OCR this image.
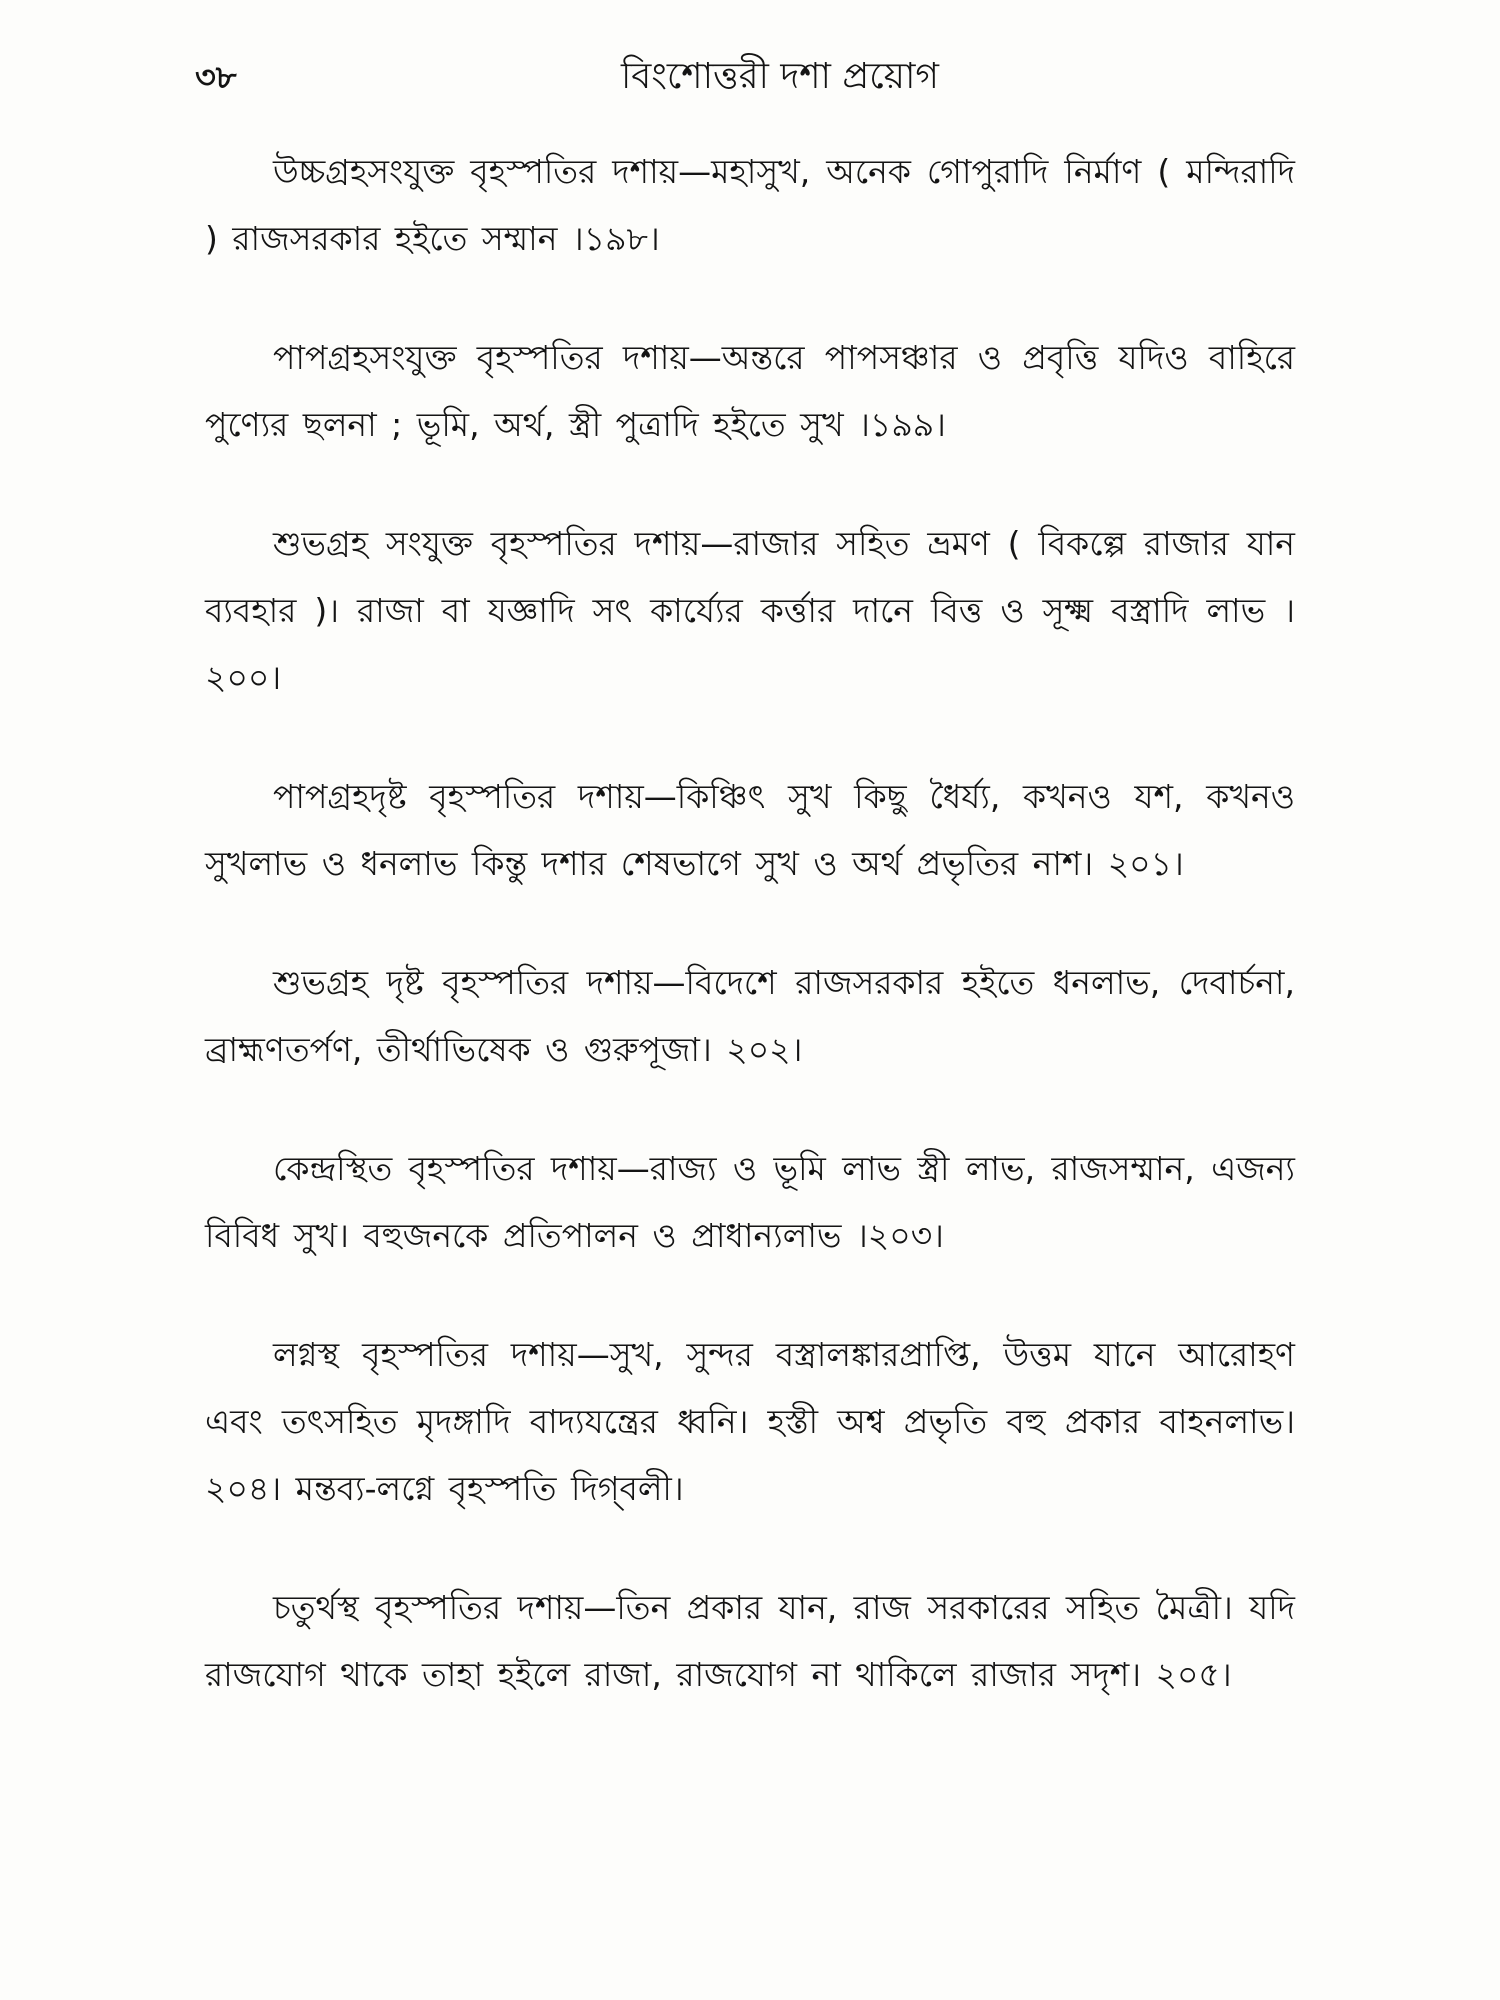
৩৮	বিংশোত্তরী দশা প্রয়োগ

উচ্চগ্রহসংযুক্ত বৃহস্পতির দশায়—মহাসুখ, অনেক গোপুরাদি নির্মাণ ( মন্দিরাদি ) রাজসরকার হইতে সম্মান ।১৯৮।

পাপগ্রহসংযুক্ত বৃহস্পতির দশায়—অন্তরে পাপসঞ্চার ও প্রবৃত্তি যদিও বাহিরে পুণ্যের ছলনা ; ভূমি, অর্থ, স্ত্রী পুত্রাদি হইতে সুখ ।১৯৯।

শুভগ্রহ সংযুক্ত বৃহস্পতির দশায়—রাজার সহিত ভ্রমণ ( বিকল্পে রাজার যান ব্যবহার )। রাজা বা যজ্ঞাদি সৎ কার্য্যের কর্ত্তার দানে বিত্ত ও সূক্ষ্ম বস্ত্রাদি লাভ ।২০০।

পাপগ্রহদৃষ্ট বৃহস্পতির দশায়—কিঞ্চিৎ সুখ কিছু ধৈর্য্য, কখনও যশ, কখনও সুখলাভ ও ধনলাভ কিন্তু দশার শেষভাগে সুখ ও অর্থ প্রভৃতির নাশ। ২০১।

শুভগ্রহ দৃষ্ট বৃহস্পতির দশায়—বিদেশে রাজসরকার হইতে ধনলাভ, দেবার্চনা, ব্রাহ্মণতর্পণ, তীর্থাভিষেক ও গুরুপূজা। ২০২।

কেন্দ্রস্থিত বৃহস্পতির দশায়—রাজ্য ও ভূমি লাভ স্ত্রী লাভ, রাজসম্মান, এজন্য বিবিধ সুখ। বহুজনকে প্রতিপালন ও প্রাধান্যলাভ ।২০৩।

লগ্নস্থ বৃহস্পতির দশায়—সুখ, সুন্দর বস্ত্রালঙ্কারপ্রাপ্তি, উত্তম যানে আরোহণ এবং তৎসহিত মৃদঙ্গাদি বাদ্যযন্ত্রের ধ্বনি। হস্তী অশ্ব প্রভৃতি বহু প্রকার বাহনলাভ। ২০৪। মন্তব্য-লগ্নে বৃহস্পতি দিগ্‌বলী।

চতুর্থস্থ বৃহস্পতির দশায়—তিন প্রকার যান, রাজ সরকারের সহিত মৈত্রী। যদি রাজযোগ থাকে তাহা হইলে রাজা, রাজযোগ না থাকিলে রাজার সদৃশ। ২০৫।
